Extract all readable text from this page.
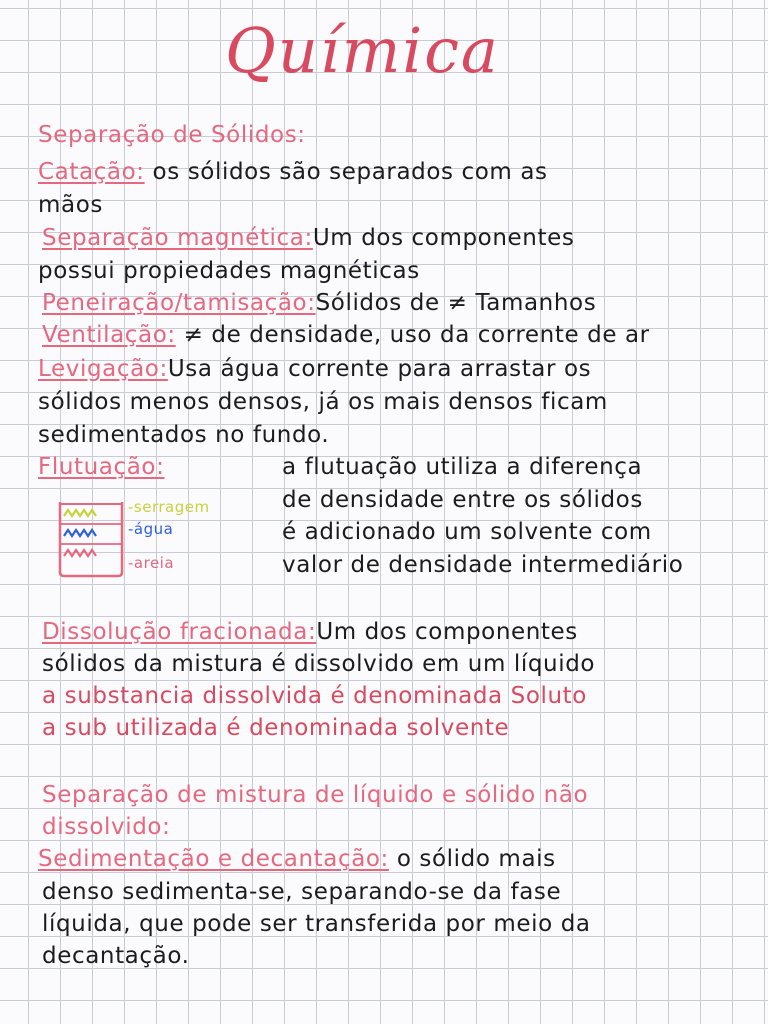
Química
Separação de Sólidos:
Catação: os sólidos são separados com as
mãos
Separação magnética:Um dos componentes
possui propiedades magnéticas
Peneiração/tamisação:Sólidos de ≠ Tamanhos
Ventilação: ≠ de densidade, uso da corrente de ar
Levigação:Usa água corrente para arrastar os
sólidos menos densos, já os mais densos ficam
sedimentados no fundo.
Flutuação:	a flutuação utiliza a diferença
de densidade entre os sólidos
é adicionado um solvente com
valor de densidade intermediário
-serragem
-água
-areia
Dissolução fracionada:Um dos componentes
sólidos da mistura é dissolvido em um líquido
a substancia dissolvida é denominada Soluto
a sub utilizada é denominada solvente
Separação de mistura de líquido e sólido não
dissolvido:
Sedimentação e decantação: o sólido mais
denso sedimenta-se, separando-se da fase
líquida, que pode ser transferida por meio da
decantação.
